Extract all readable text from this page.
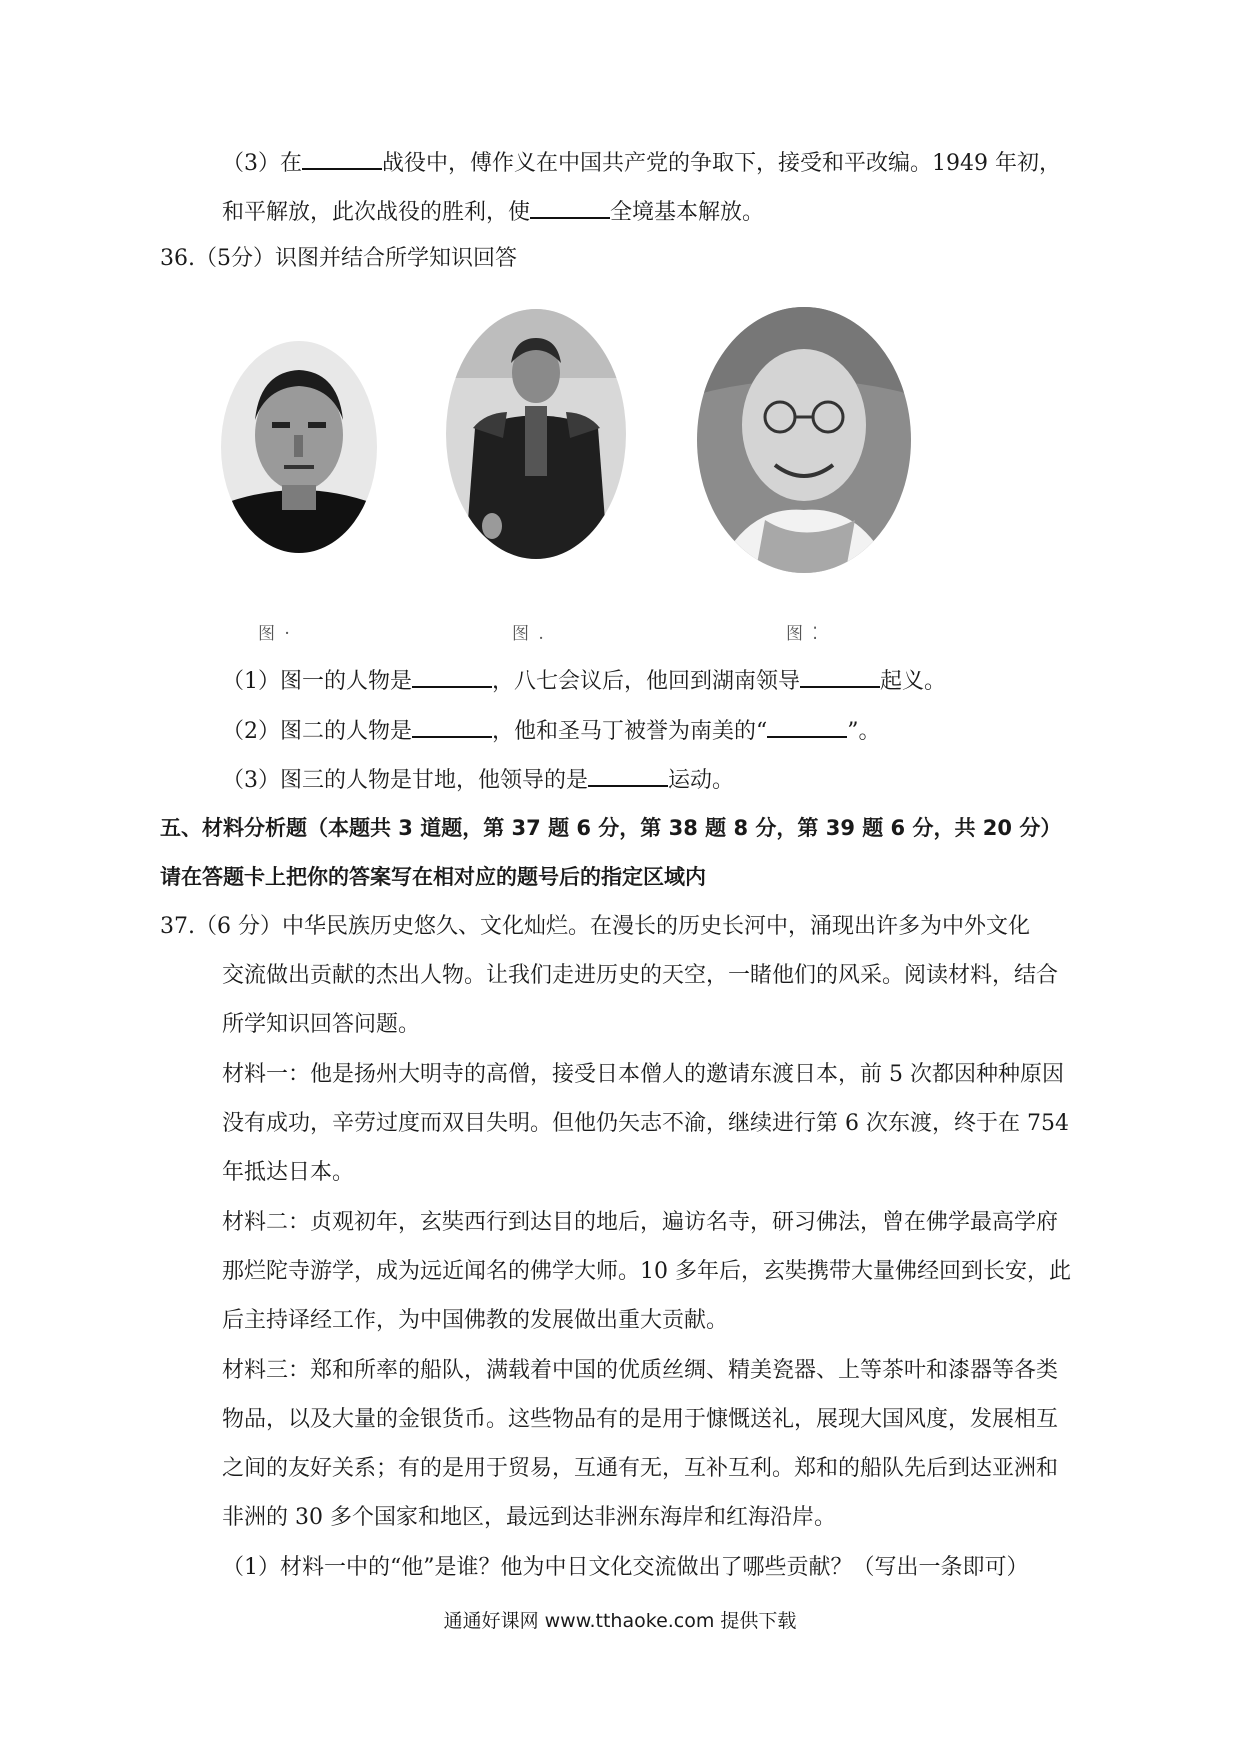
（3）在	战役中，傅作义在中国共产党的争取下，接受和平改编。1949 年初，
和平解放，此次战役的胜利，使	全境基本解放。
36.（5分）识图并结合所学知识回答
图 ·	图 .	图 ⁚
（1）图一的人物是	，八七会议后，他回到湖南领导	起义。
（2）图二的人物是	，他和圣马丁被誉为南美的“	”。
（3）图三的人物是甘地，他领导的是	运动。
五、材料分析题（本题共 3 道题，第 37 题 6 分，第 38 题 8 分，第 39 题 6 分，共 20 分）
请在答题卡上把你的答案写在相对应的题号后的指定区域内
37.（6 分）中华民族历史悠久、文化灿烂。在漫长的历史长河中，涌现出许多为中外文化
交流做出贡献的杰出人物。让我们走进历史的天空，一睹他们的风采。阅读材料，结合
所学知识回答问题。
材料一：他是扬州大明寺的高僧，接受日本僧人的邀请东渡日本，前 5 次都因种种原因
没有成功，辛劳过度而双目失明。但他仍矢志不渝，继续进行第 6 次东渡，终于在 754
年抵达日本。
材料二：贞观初年，玄奘西行到达目的地后，遍访名寺，研习佛法，曾在佛学最高学府
那烂陀寺游学，成为远近闻名的佛学大师。10 多年后，玄奘携带大量佛经回到长安，此
后主持译经工作，为中国佛教的发展做出重大贡献。
材料三：郑和所率的船队，满载着中国的优质丝绸、精美瓷器、上等茶叶和漆器等各类
物品，以及大量的金银货币。这些物品有的是用于慷慨送礼，展现大国风度，发展相互
之间的友好关系；有的是用于贸易，互通有无，互补互利。郑和的船队先后到达亚洲和
非洲的 30 多个国家和地区，最远到达非洲东海岸和红海沿岸。
（1）材料一中的“他”是谁？他为中日文化交流做出了哪些贡献？（写出一条即可）
通通好课网 www.tthaoke.com 提供下载
